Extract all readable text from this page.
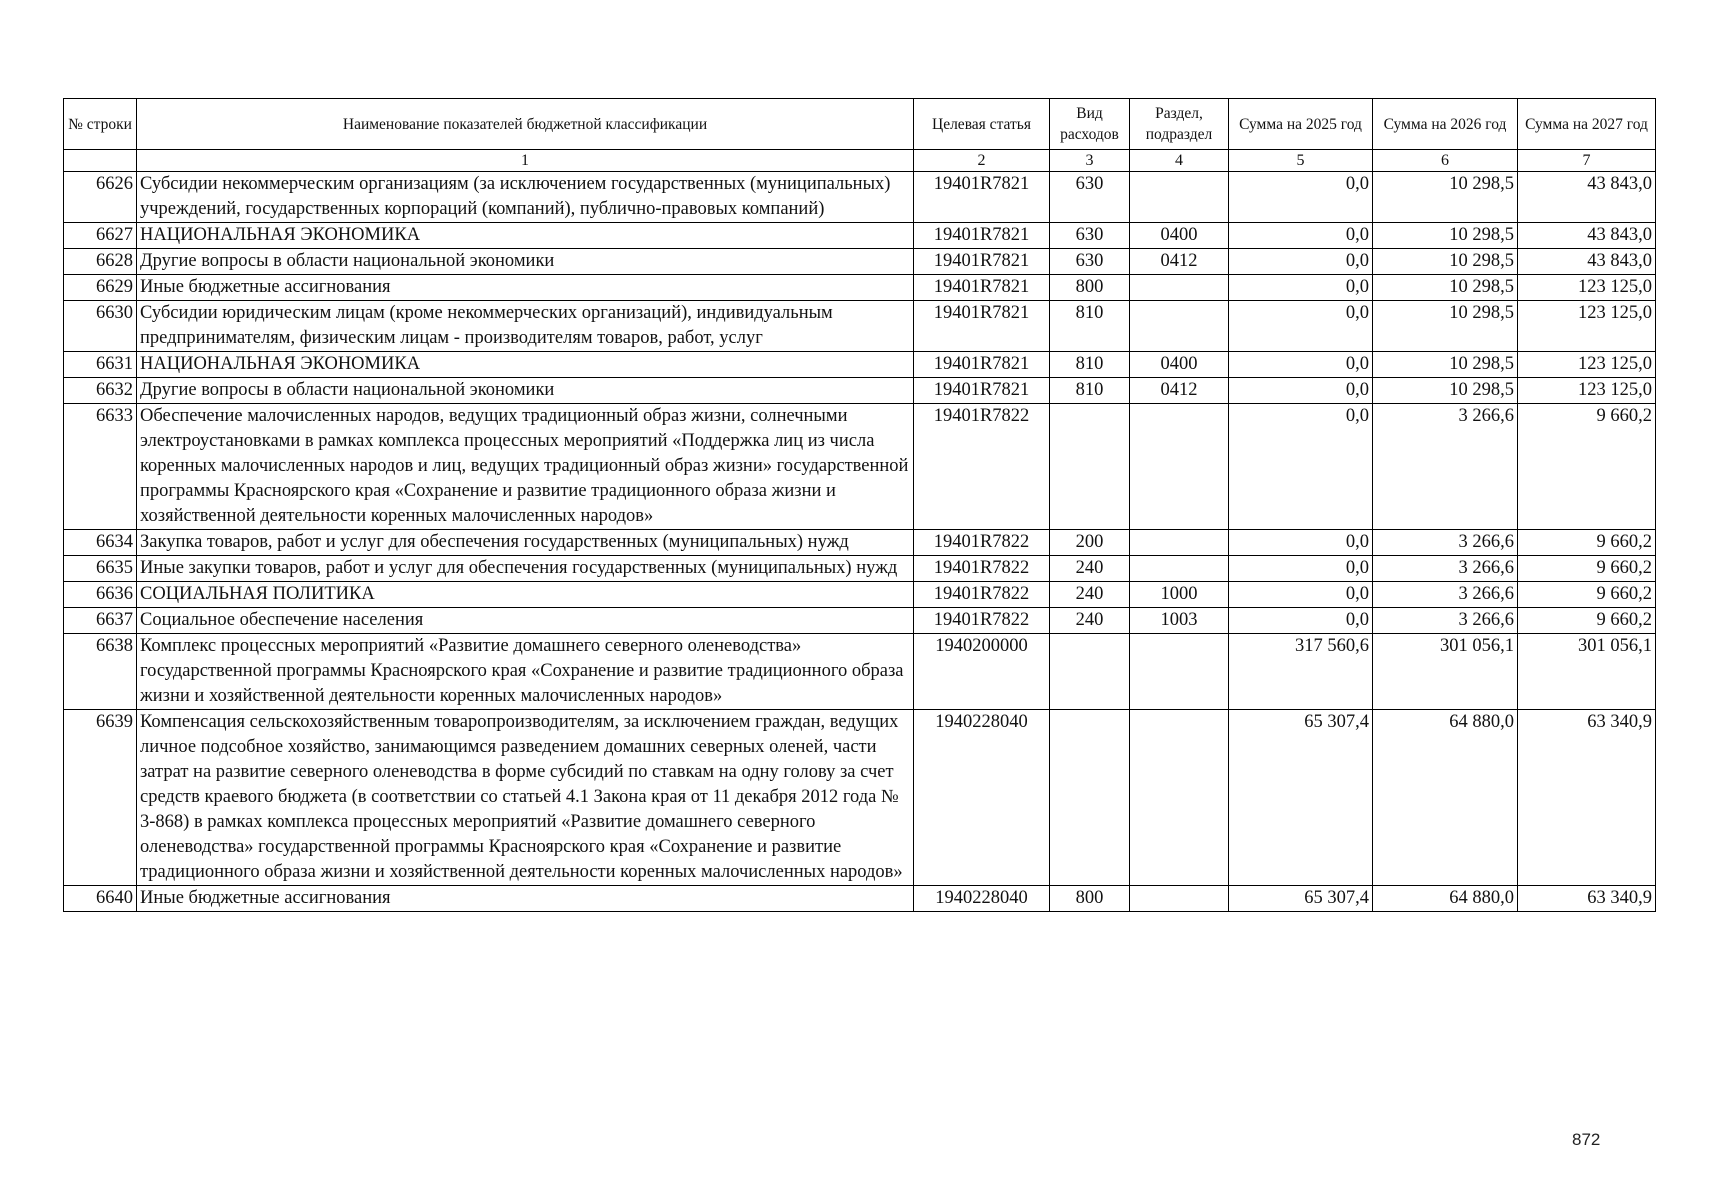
№ строки	Наименование показателей бюджетной классификации	Целевая статья	Вид расходов	Раздел, подраздел	Сумма на 2025 год	Сумма на 2026 год	Сумма на 2027 год
	1	2	3	4	5	6	7
6626	Субсидии некоммерческим организациям (за исключением государственных (муниципальных) учреждений, государственных корпораций (компаний), публично-правовых компаний)	19401R7821	630		0,0	10 298,5	43 843,0
6627	НАЦИОНАЛЬНАЯ ЭКОНОМИКА	19401R7821	630	0400	0,0	10 298,5	43 843,0
6628	Другие вопросы в области национальной экономики	19401R7821	630	0412	0,0	10 298,5	43 843,0
6629	Иные бюджетные ассигнования	19401R7821	800		0,0	10 298,5	123 125,0
6630	Субсидии юридическим лицам (кроме некоммерческих организаций), индивидуальным предпринимателям, физическим лицам - производителям товаров, работ, услуг	19401R7821	810		0,0	10 298,5	123 125,0
6631	НАЦИОНАЛЬНАЯ ЭКОНОМИКА	19401R7821	810	0400	0,0	10 298,5	123 125,0
6632	Другие вопросы в области национальной экономики	19401R7821	810	0412	0,0	10 298,5	123 125,0
6633	Обеспечение малочисленных народов, ведущих традиционный образ жизни, солнечными электроустановками в рамках комплекса процессных мероприятий «Поддержка лиц из числа коренных малочисленных народов и лиц, ведущих традиционный образ жизни» государственной программы Красноярского края «Сохранение и развитие традиционного образа жизни и хозяйственной деятельности коренных малочисленных народов»	19401R7822			0,0	3 266,6	9 660,2
6634	Закупка товаров, работ и услуг для обеспечения государственных (муниципальных) нужд	19401R7822	200		0,0	3 266,6	9 660,2
6635	Иные закупки товаров, работ и услуг для обеспечения государственных (муниципальных) нужд	19401R7822	240		0,0	3 266,6	9 660,2
6636	СОЦИАЛЬНАЯ ПОЛИТИКА	19401R7822	240	1000	0,0	3 266,6	9 660,2
6637	Социальное обеспечение населения	19401R7822	240	1003	0,0	3 266,6	9 660,2
6638	Комплекс процессных мероприятий «Развитие домашнего северного оленеводства» государственной программы Красноярского края «Сохранение и развитие традиционного образа жизни и хозяйственной деятельности коренных малочисленных народов»	1940200000			317 560,6	301 056,1	301 056,1
6639	Компенсация сельскохозяйственным товаропроизводителям, за исключением граждан, ведущих личное подсобное хозяйство, занимающимся разведением домашних северных оленей, части затрат на развитие северного оленеводства в форме субсидий по ставкам на одну голову за счет средств краевого бюджета (в соответствии со статьей 4.1 Закона края от 11 декабря 2012 года № 3-868) в рамках комплекса процессных мероприятий «Развитие домашнего северного оленеводства» государственной программы Красноярского края «Сохранение и развитие традиционного образа жизни и хозяйственной деятельности коренных малочисленных народов»	1940228040			65 307,4	64 880,0	63 340,9
6640	Иные бюджетные ассигнования	1940228040	800		65 307,4	64 880,0	63 340,9
872
